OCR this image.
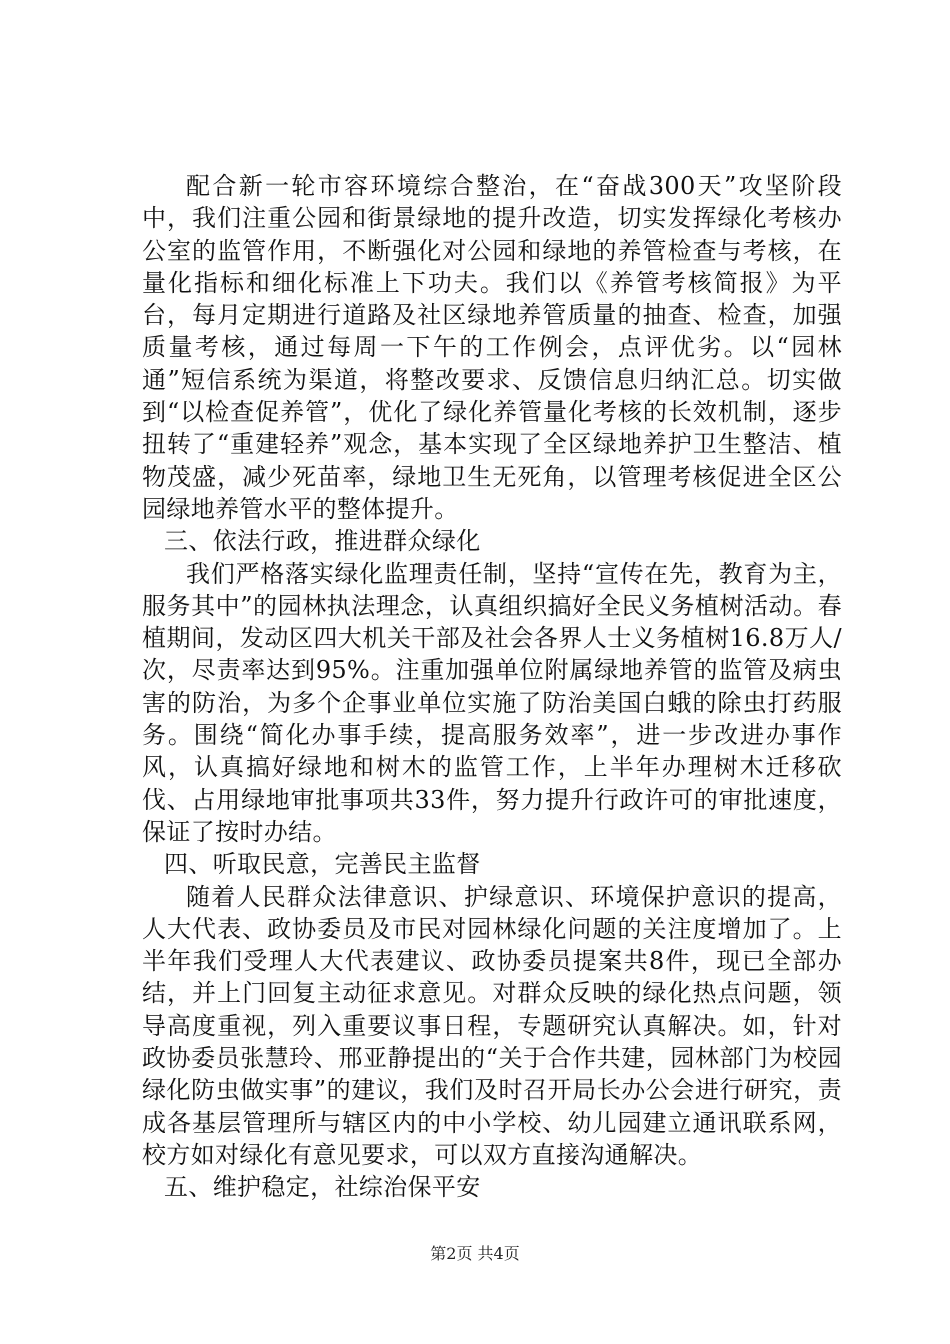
配合新一轮市容环境综合整治，在“奋战300天”攻坚阶段中，我们注重公园和街景绿地的提升改造，切实发挥绿化考核办公室的监管作用，不断强化对公园和绿地的养管检查与考核，在量化指标和细化标准上下功夫。我们以《养管考核简报》为平台，每月定期进行道路及社区绿地养管质量的抽查、检查，加强质量考核，通过每周一下午的工作例会，点评优劣。以“园林通”短信系统为渠道，将整改要求、反馈信息归纳汇总。切实做到“以检查促养管”，优化了绿化养管量化考核的长效机制，逐步扭转了“重建轻养”观念，基本实现了全区绿地养护卫生整洁、植物茂盛，减少死苗率，绿地卫生无死角，以管理考核促进全区公园绿地养管水平的整体提升。

三、依法行政，推进群众绿化

我们严格落实绿化监理责任制，坚持“宣传在先，教育为主，服务其中”的园林执法理念，认真组织搞好全民义务植树活动。春植期间，发动区四大机关干部及社会各界人士义务植树16.8万人/次，尽责率达到95%。注重加强单位附属绿地养管的监管及病虫害的防治，为多个企事业单位实施了防治美国白蛾的除虫打药服务。围绕“简化办事手续，提高服务效率”，进一步改进办事作风，认真搞好绿地和树木的监管工作，上半年办理树木迁移砍伐、占用绿地审批事项共33件，努力提升行政许可的审批速度，保证了按时办结。

四、听取民意，完善民主监督

随着人民群众法律意识、护绿意识、环境保护意识的提高，人大代表、政协委员及市民对园林绿化问题的关注度增加了。上半年我们受理人大代表建议、政协委员提案共8件，现已全部办结，并上门回复主动征求意见。对群众反映的绿化热点问题，领导高度重视，列入重要议事日程，专题研究认真解决。如，针对政协委员张慧玲、邢亚静提出的“关于合作共建，园林部门为校园绿化防虫做实事”的建议，我们及时召开局长办公会进行研究，责成各基层管理所与辖区内的中小学校、幼儿园建立通讯联系网，校方如对绿化有意见要求，可以双方直接沟通解决。

五、维护稳定，社综治保平安

第2页 共4页
